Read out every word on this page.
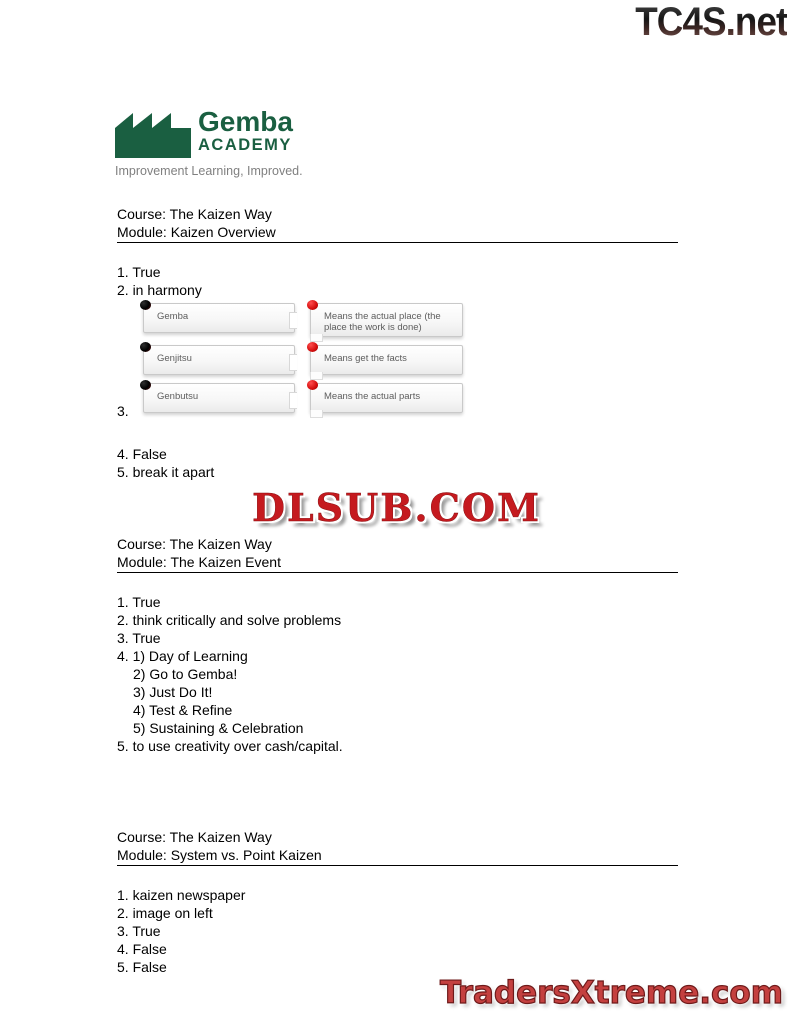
TC4S.net
Gemba
ACADEMY
Improvement Learning, Improved.
Course: The Kaizen Way
Module: Kaizen Overview
1. True
2. in harmony
3.
Gemba	Means the actual place (the place the work is done)
Genjitsu	Means get the facts
Genbutsu	Means the actual parts
4. False
5. break it apart
Course: The Kaizen Way
Module: The Kaizen Event
1. True
2. think critically and solve problems
3. True
4. 1) Day of Learning
2) Go to Gemba!
3) Just Do It!
4) Test & Refine
5) Sustaining & Celebration
5. to use creativity over cash/capital.
Course: The Kaizen Way
Module: System vs. Point Kaizen
1. kaizen newspaper
2. image on left
3. True
4. False
5. False
DLSUB.COM
TradersXtreme.com
